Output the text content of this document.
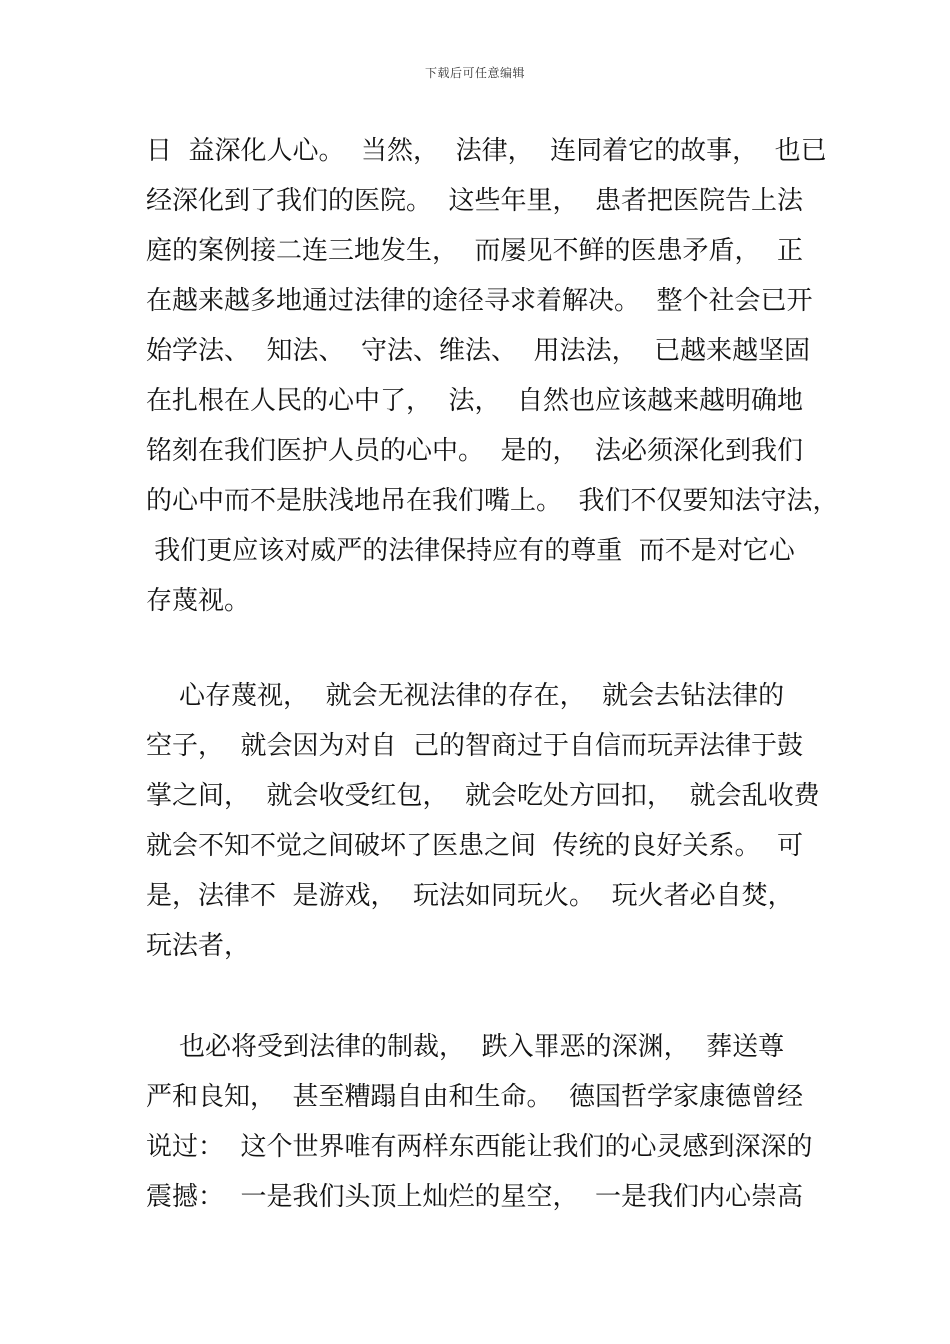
下载后可任意编辑
日  益深化人心。  当然，  法律，  连同着它的故事，  也已
经深化到了我们的医院。  这些年里，  患者把医院告上法
庭的案例接二连三地发生，  而屡见不鲜的医患矛盾，  正
在越来越多地通过法律的途径寻求着解决。  整个社会已开
始学法、  知法、  守法、维法、  用法法，  已越来越坚固
在扎根在人民的心中了，  法，  自然也应该越来越明确地
铭刻在我们医护人员的心中。  是的，  法必须深化到我们
的心中而不是肤浅地吊在我们嘴上。  我们不仅要知法守法，
我们更应该对威严的法律保持应有的尊重  而不是对它心
存蔑视。
心存蔑视，  就会无视法律的存在，  就会去钻法律的
空子，  就会因为对自  己的智商过于自信而玩弄法律于鼓
掌之间，  就会收受红包，  就会吃处方回扣，  就会乱收费
就会不知不觉之间破坏了医患之间  传统的良好关系。  可
是，法律不  是游戏，  玩法如同玩火。  玩火者必自焚，
玩法者，
也必将受到法律的制裁，  跌入罪恶的深渊，  葬送尊
严和良知，  甚至糟蹋自由和生命。  德国哲学家康德曾经
说过：  这个世界唯有两样东西能让我们的心灵感到深深的
震撼：  一是我们头顶上灿烂的星空，  一是我们内心崇高
